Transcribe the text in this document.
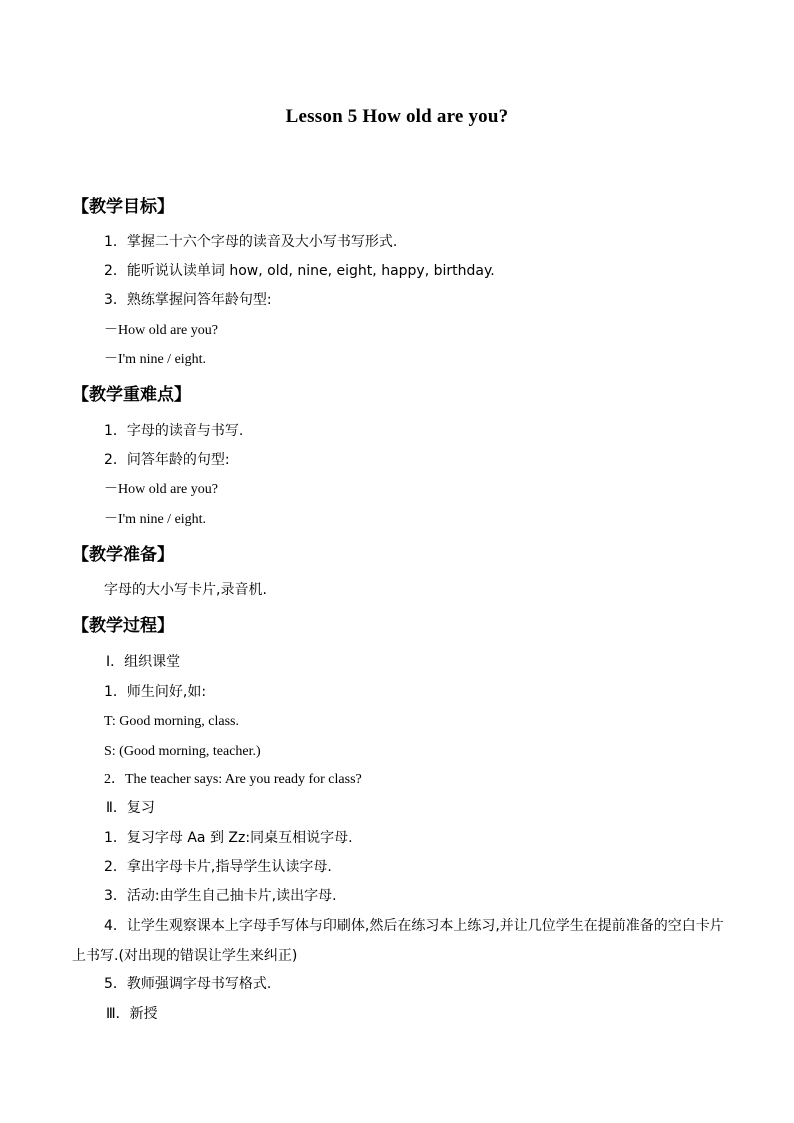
Lesson 5 How old are you?
【教学目标】
1．掌握二十六个字母的读音及大小写书写形式.
2．能听说认读单词 how, old, nine, eight, happy, birthday.
3．熟练掌握问答年龄句型:
－How old are you?
－I'm nine / eight.
【教学重难点】
1．字母的读音与书写.
2．问答年龄的句型:
－How old are you?
－I'm nine / eight.
【教学准备】
字母的大小写卡片,录音机.
【教学过程】
Ⅰ．组织课堂
1．师生问好,如:
T: Good morning, class.
S: (Good morning, teacher.)
2．The teacher says: Are you ready for class?
Ⅱ．复习
1．复习字母 Aa 到 Zz:同桌互相说字母.
2．拿出字母卡片,指导学生认读字母.
3．活动:由学生自己抽卡片,读出字母.
4．让学生观察课本上字母手写体与印刷体,然后在练习本上练习,并让几位学生在提前准备的空白卡片上书写.(对出现的错误让学生来纠正)
5．教师强调字母书写格式.
Ⅲ．新授
